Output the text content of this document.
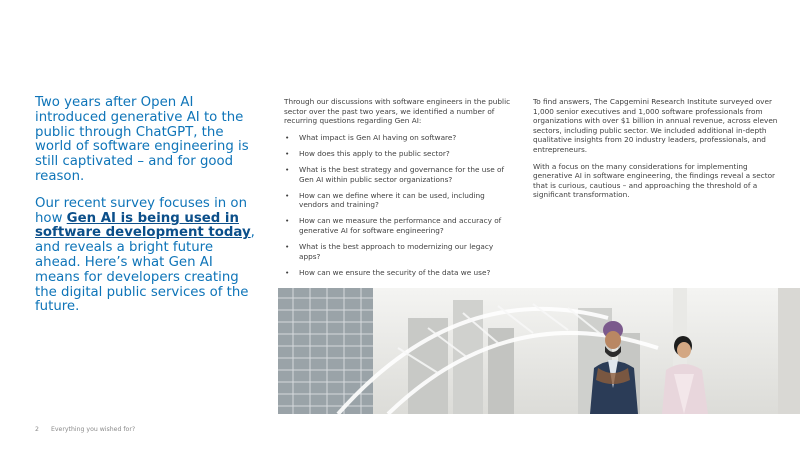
Two years after Open AI introduced generative AI to the public through ChatGPT, the world of software engineering is still captivated – and for good reason.

Our recent survey focuses in on how Gen AI is being used in software development today, and reveals a bright future ahead. Here’s what Gen AI means for developers creating the digital public services of the future.

Through our discussions with software engineers in the public sector over the past two years, we identified a number of recurring questions regarding Gen AI:

• What impact is Gen AI having on software?
• How does this apply to the public sector?
• What is the best strategy and governance for the use of Gen AI within public sector organizations?
• How can we define where it can be used, including vendors and training?
• How can we measure the performance and accuracy of generative AI for software engineering?
• What is the best approach to modernizing our legacy apps?
• How can we ensure the security of the data we use?

To find answers, The Capgemini Research Institute surveyed over 1,000 senior executives and 1,000 software professionals from organizations with over $1 billion in annual revenue, across eleven sectors, including public sector. We included additional in-depth qualitative insights from 20 industry leaders, professionals, and entrepreneurs.

With a focus on the many considerations for implementing generative AI in software engineering, the findings reveal a sector that is curious, cautious – and approaching the threshold of a significant transformation.

2 Everything you wished for?
